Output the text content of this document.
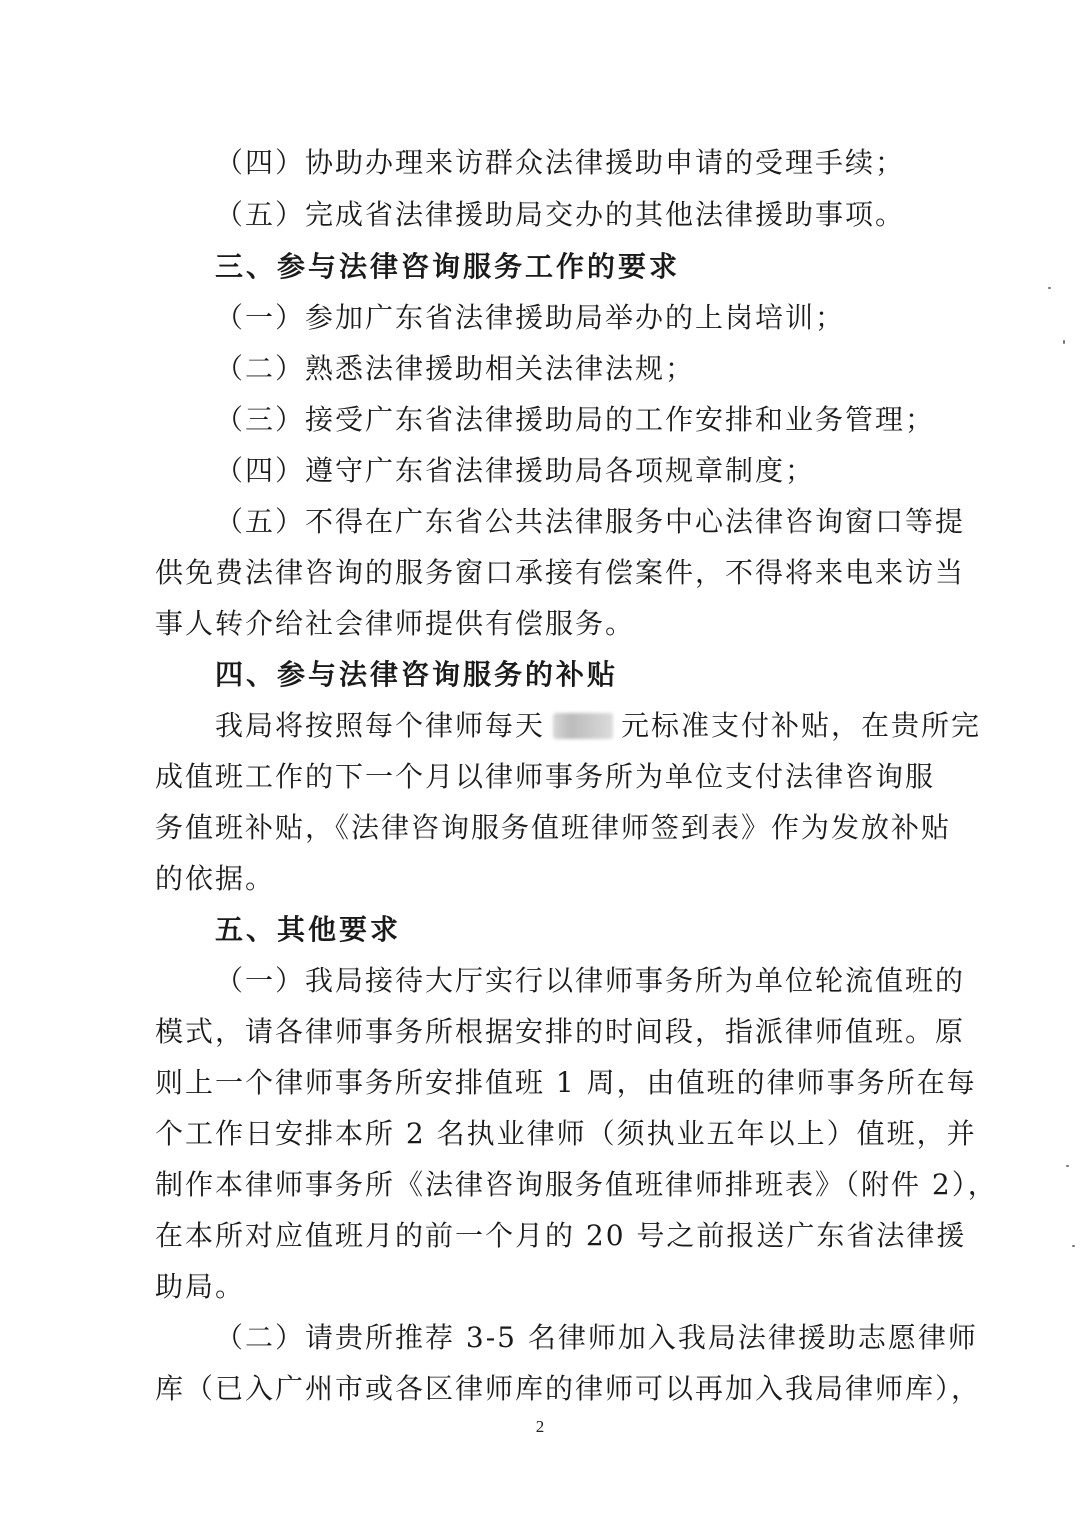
（四）协助办理来访群众法律援助申请的受理手续；
（五）完成省法律援助局交办的其他法律援助事项。
三、参与法律咨询服务工作的要求
（一）参加广东省法律援助局举办的上岗培训；
（二）熟悉法律援助相关法律法规；
（三）接受广东省法律援助局的工作安排和业务管理；
（四）遵守广东省法律援助局各项规章制度；
（五）不得在广东省公共法律服务中心法律咨询窗口等提
供免费法律咨询的服务窗口承接有偿案件，不得将来电来访当
事人转介给社会律师提供有偿服务。
四、参与法律咨询服务的补贴
我局将按照每个律师每天	元标准支付补贴，在贵所完
成值班工作的下一个月以律师事务所为单位支付法律咨询服
务值班补贴，《法律咨询服务值班律师签到表》作为发放补贴
的依据。
五、其他要求
（一）我局接待大厅实行以律师事务所为单位轮流值班的
模式，请各律师事务所根据安排的时间段，指派律师值班。原
则上一个律师事务所安排值班 1 周，由值班的律师事务所在每
个工作日安排本所 2 名执业律师（须执业五年以上）值班，并
制作本律师事务所《法律咨询服务值班律师排班表》（附件 2），
在本所对应值班月的前一个月的 20 号之前报送广东省法律援
助局。
（二）请贵所推荐 3-5 名律师加入我局法律援助志愿律师
库（已入广州市或各区律师库的律师可以再加入我局律师库），
2
